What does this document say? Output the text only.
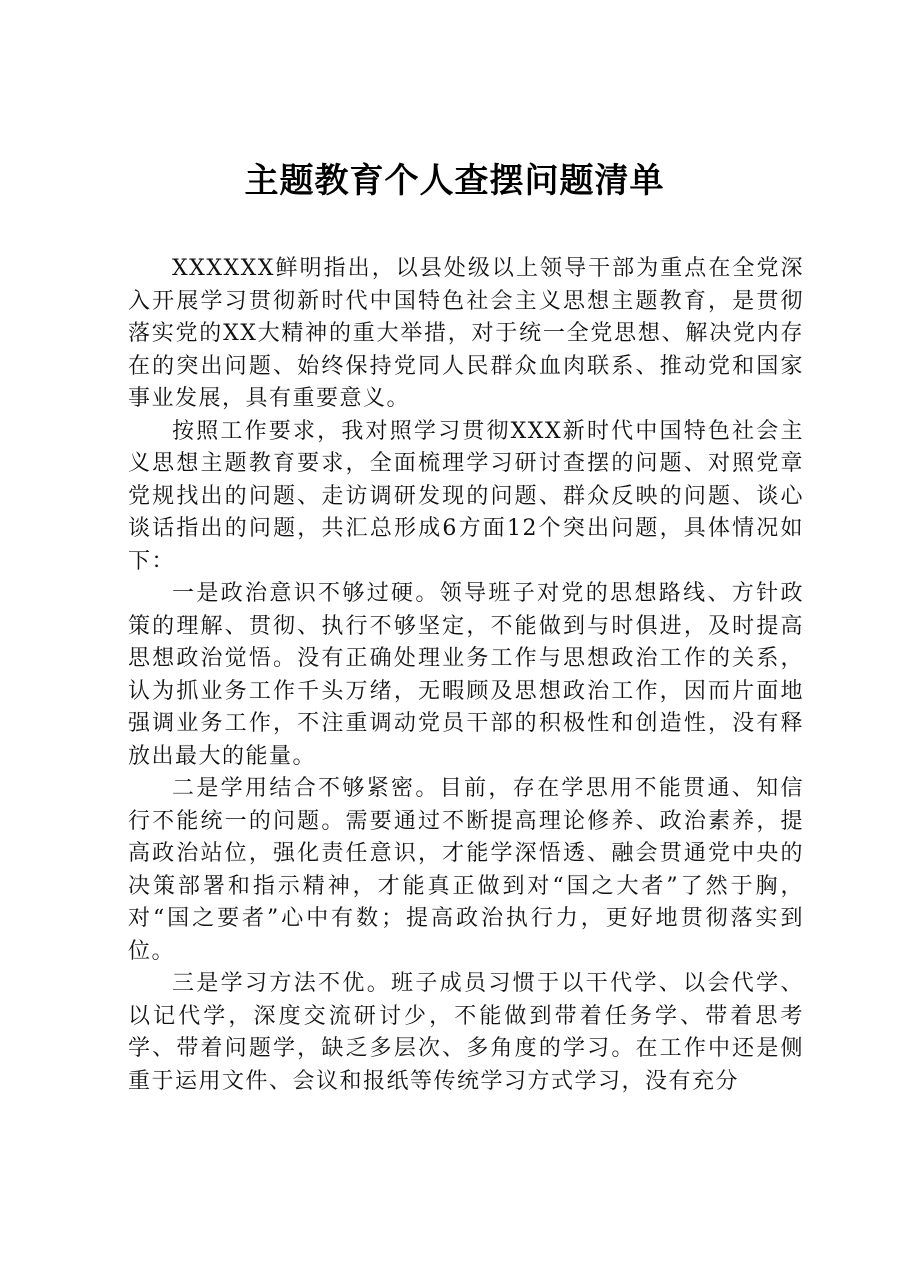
主题教育个人查摆问题清单

XXXXXX鲜明指出，以县处级以上领导干部为重点在全党深入开展学习贯彻新时代中国特色社会主义思想主题教育，是贯彻落实党的XX大精神的重大举措，对于统一全党思想、解决党内存在的突出问题、始终保持党同人民群众血肉联系、推动党和国家事业发展，具有重要意义。

按照工作要求，我对照学习贯彻XXX新时代中国特色社会主义思想主题教育要求，全面梳理学习研讨查摆的问题、对照党章党规找出的问题、走访调研发现的问题、群众反映的问题、谈心谈话指出的问题，共汇总形成6方面12个突出问题，具体情况如下：

一是政治意识不够过硬。领导班子对党的思想路线、方针政策的理解、贯彻、执行不够坚定，不能做到与时俱进，及时提高思想政治觉悟。没有正确处理业务工作与思想政治工作的关系，认为抓业务工作千头万绪，无暇顾及思想政治工作，因而片面地强调业务工作，不注重调动党员干部的积极性和创造性，没有释放出最大的能量。

二是学用结合不够紧密。目前，存在学思用不能贯通、知信行不能统一的问题。需要通过不断提高理论修养、政治素养，提高政治站位，强化责任意识，才能学深悟透、融会贯通党中央的决策部署和指示精神，才能真正做到对“国之大者”了然于胸，对“国之要者”心中有数；提高政治执行力，更好地贯彻落实到位。

三是学习方法不优。班子成员习惯于以干代学、以会代学、以记代学，深度交流研讨少，不能做到带着任务学、带着思考学、带着问题学，缺乏多层次、多角度的学习。在工作中还是侧重于运用文件、会议和报纸等传统学习方式学习，没有充分
